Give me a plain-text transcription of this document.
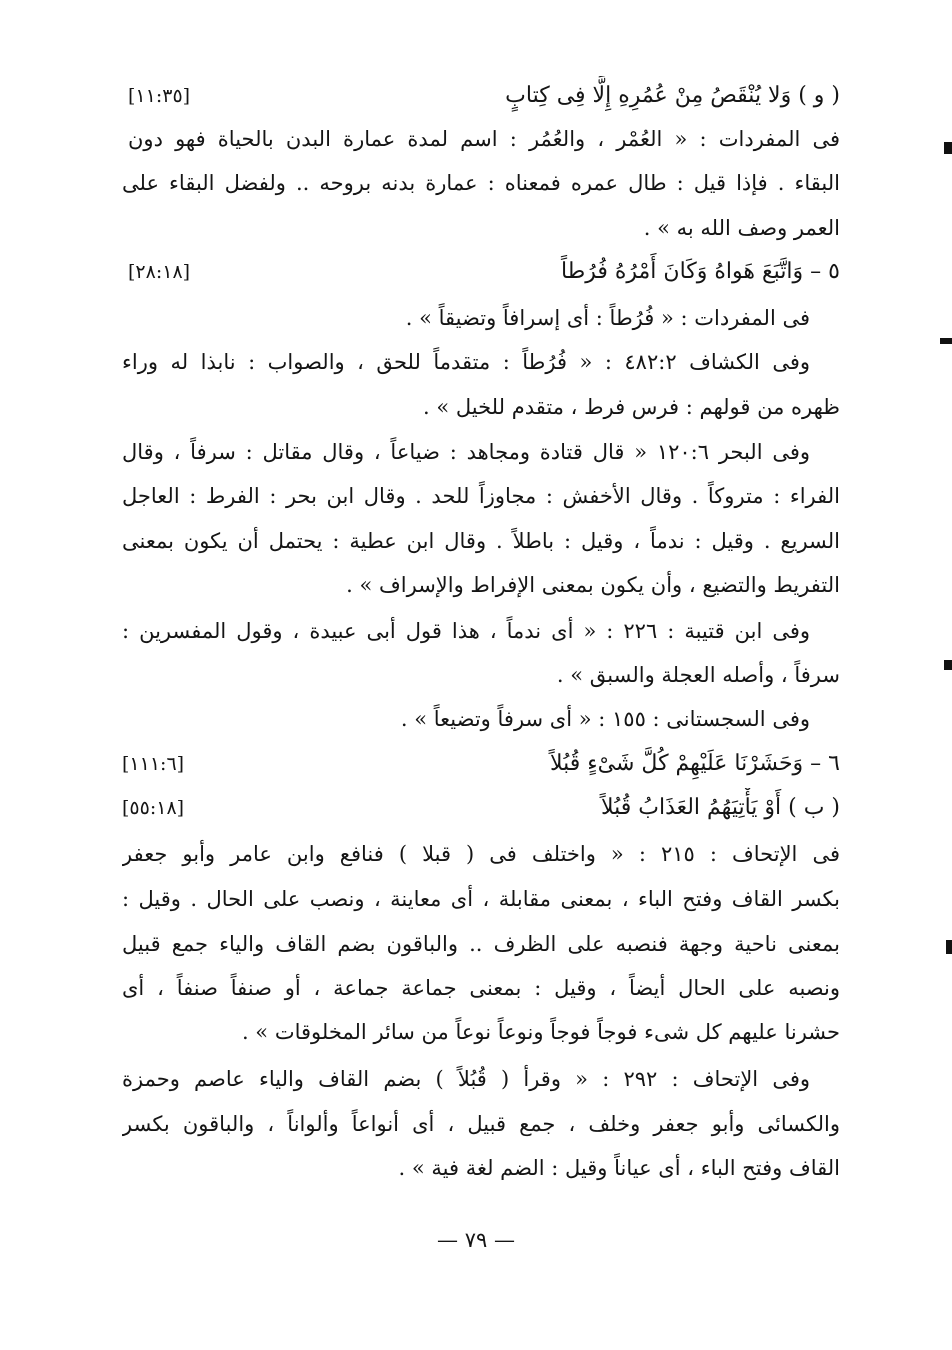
( و ) وَلا يُنْقَصُ مِنْ عُمُرِهِ إِلَّا فِى كِتابٍ
[١١:٣٥]
فى المفردات : « العُمْر ، والعُمُر : اسم لمدة عمارة البدن بالحياة فهو دون
البقاء . فإذا قيل : طال عمره فمعناه : عمارة بدنه بروحه .. ولفضل البقاء على
العمر وصف الله به » .
٥ – وَاتَّبَعَ هَواهُ وَكَانَ أَمْرُهُ فُرُطاً
[٢٨:١٨]
فى المفردات : « فُرُطاً : أى إسرافاً وتضيقاً » .
وفى الكشاف ٤٨٢:٢ : « فُرُطاً : متقدماً للحق ، والصواب : نابذا له وراء
ظهره من قولهم : فرس فرط ، متقدم للخيل » .
وفى البحر ١٢٠:٦ « قال قتادة ومجاهد : ضياعاً ، وقال مقاتل : سرفاً ، وقال
الفراء : متروكاً . وقال الأخفش : مجاوزاً للحد . وقال ابن بحر : الفرط : العاجل
السريع . وقيل : ندماً ، وقيل : باطلاً . وقال ابن عطية : يحتمل أن يكون بمعنى
التفريط والتضيع ، وأن يكون بمعنى الإفراط والإسراف » .
وفى ابن قتيبة : ٢٢٦ : « أى ندماً ، هذا قول أبى عبيدة ، وقول المفسرين :
سرفاً ، وأصله العجلة والسبق » .
وفى السجستانى : ١٥٥ : « أى سرفاً وتضيعاً » .
٦ – وَحَشَرْنَا عَلَيْهِمْ كُلَّ شَىْءٍ قُبُلاً
[١١١:٦]
( ب ) أَوْ يَأْتِيَهُمُ العَذَابُ قُبُلاً
[٥٥:١٨]
فى الإتحاف : ٢١٥ : « واختلف فى ( قبلا ) فنافع وابن عامر وأبو جعفر
بكسر القاف وفتح الباء ، بمعنى مقابلة ، أى معاينة ، ونصب على الحال . وقيل :
بمعنى ناحية وجهة فنصبه على الظرف .. والباقون بضم القاف والياء جمع قبيل
ونصبه على الحال أيضاً ، وقيل : بمعنى جماعة جماعة ، أو صنفاً صنفاً ، أى
حشرنا عليهم كل شىء فوجاً فوجاً ونوعاً نوعاً من سائر المخلوقات » .
وفى الإتحاف : ٢٩٢ : « وقرأ ( قُبُلاً ) بضم القاف والياء عاصم وحمزة
والكسائى وأبو جعفر وخلف ، جمع قبيل ، أى أنواعاً وألواناً ، والباقون بكسر
القاف وفتح الباء ، أى عياناً وقيل : الضم لغة فية » .
— ٧٩ —
